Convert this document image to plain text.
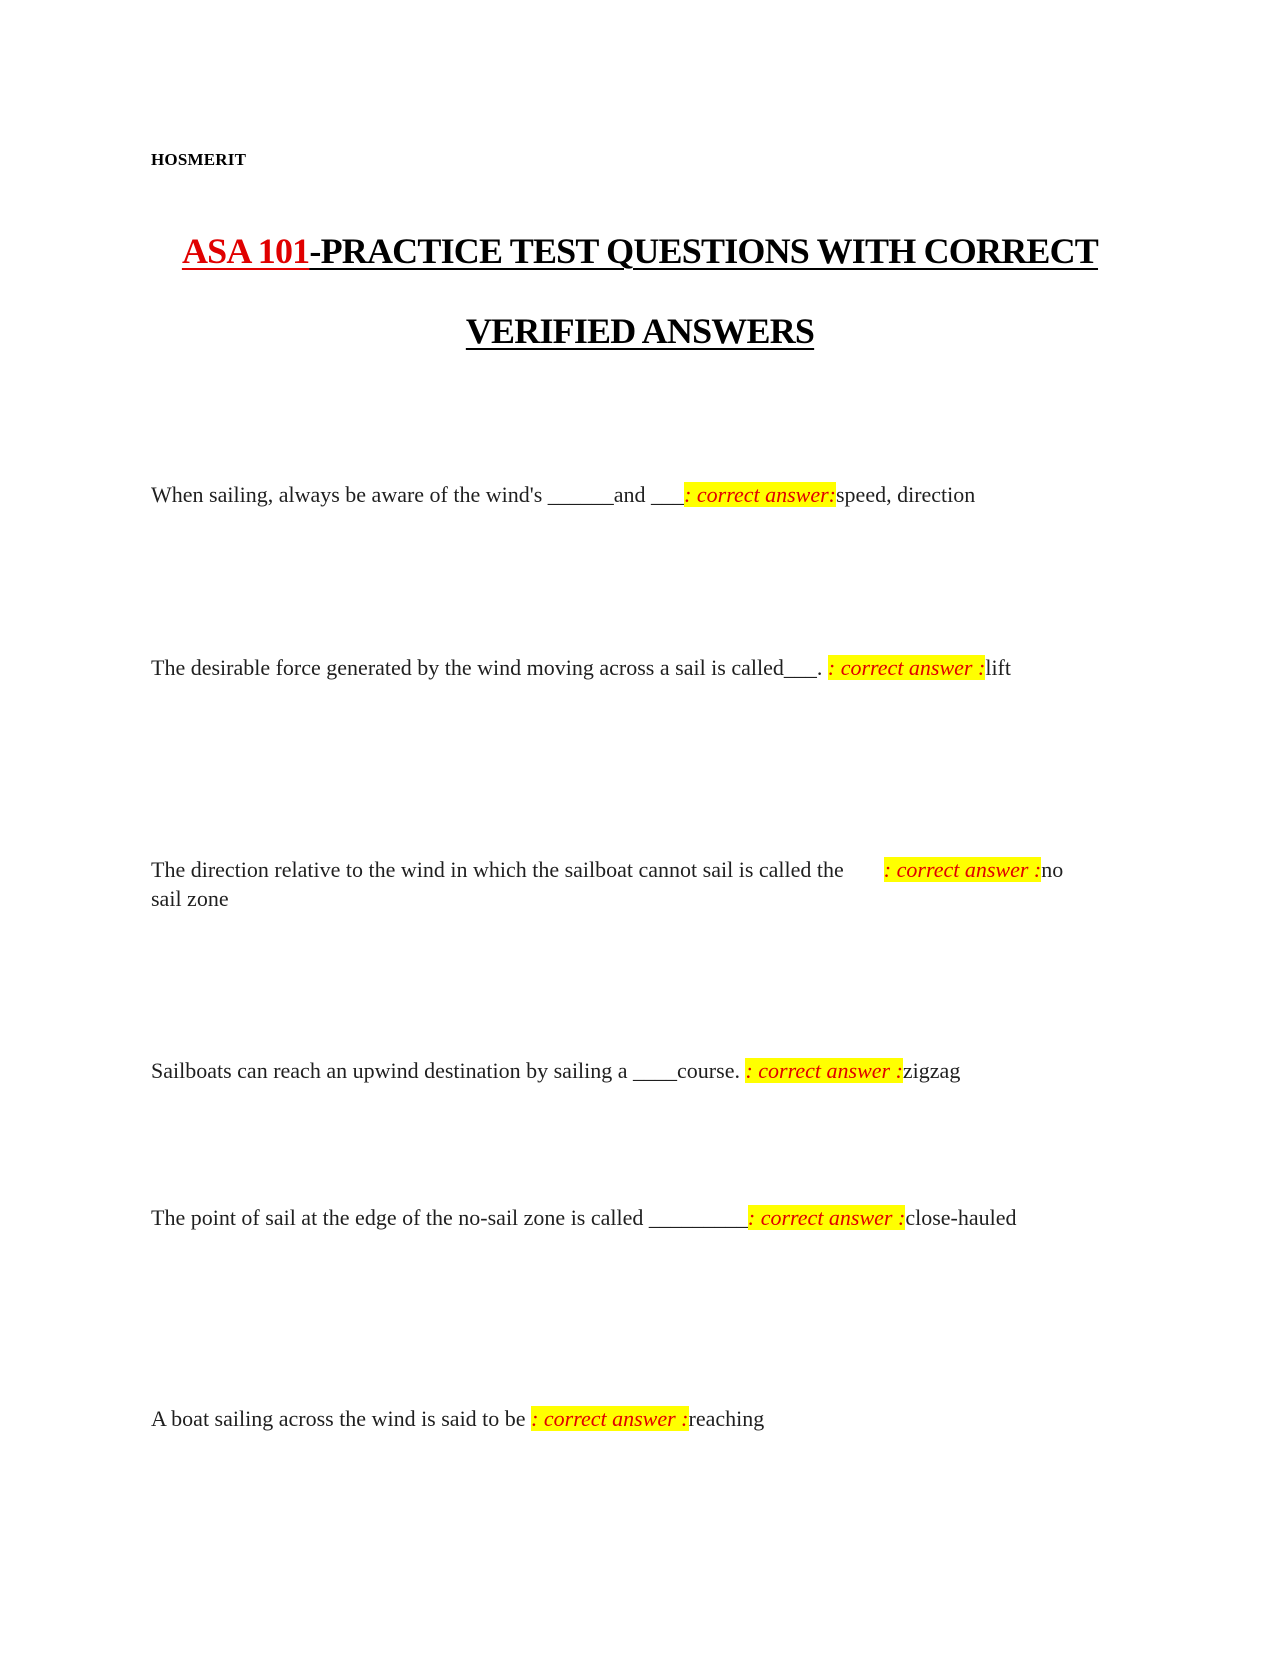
HOSMERIT
ASA 101-PRACTICE TEST QUESTIONS WITH CORRECT
VERIFIED ANSWERS
When sailing, always be aware of the wind's ______and ___: correct answer:speed, direction
The desirable force generated by the wind moving across a sail is called___. : correct answer :lift
The direction relative to the wind in which the sailboat cannot sail is called the : correct answer :no sail zone
Sailboats can reach an upwind destination by sailing a ____course. : correct answer :zigzag
The point of sail at the edge of the no-sail zone is called _________: correct answer :close-hauled
A boat sailing across the wind is said to be : correct answer :reaching
